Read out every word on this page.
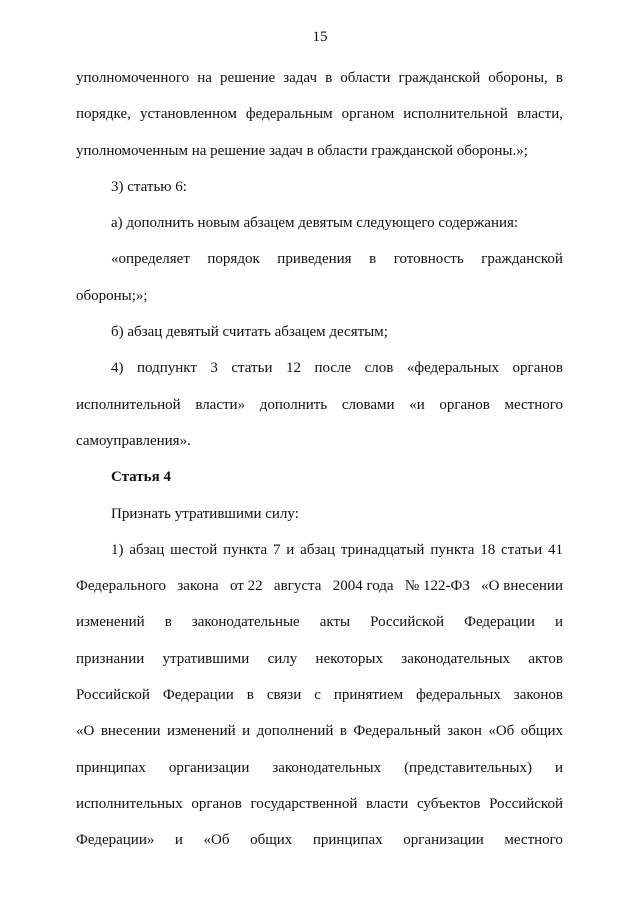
15
уполномоченного на решение задач в области гражданской обороны, в
порядке, установленном федеральным органом исполнительной власти,
уполномоченным на решение задач в области гражданской обороны.»;
3) статью 6:
а) дополнить новым абзацем девятым следующего содержания:
«определяет порядок приведения в готовность гражданской
обороны;»;
б) абзац девятый считать абзацем десятым;
4) подпункт 3 статьи 12 после слов «федеральных органов
исполнительной власти» дополнить словами «и органов местного
самоуправления».
Статья 4
Признать утратившими силу:
1) абзац шестой пункта 7 и абзац тринадцатый пункта 18 статьи 41
Федерального закона от 22 августа 2004 года № 122-ФЗ «О внесении
изменений в законодательные акты Российской Федерации и
признании утратившими силу некоторых законодательных актов
Российской Федерации в связи с принятием федеральных законов
«О внесении изменений и дополнений в Федеральный закон «Об общих
принципах организации законодательных (представительных) и
исполнительных органов государственной власти субъектов Российской
Федерации» и «Об общих принципах организации местного
